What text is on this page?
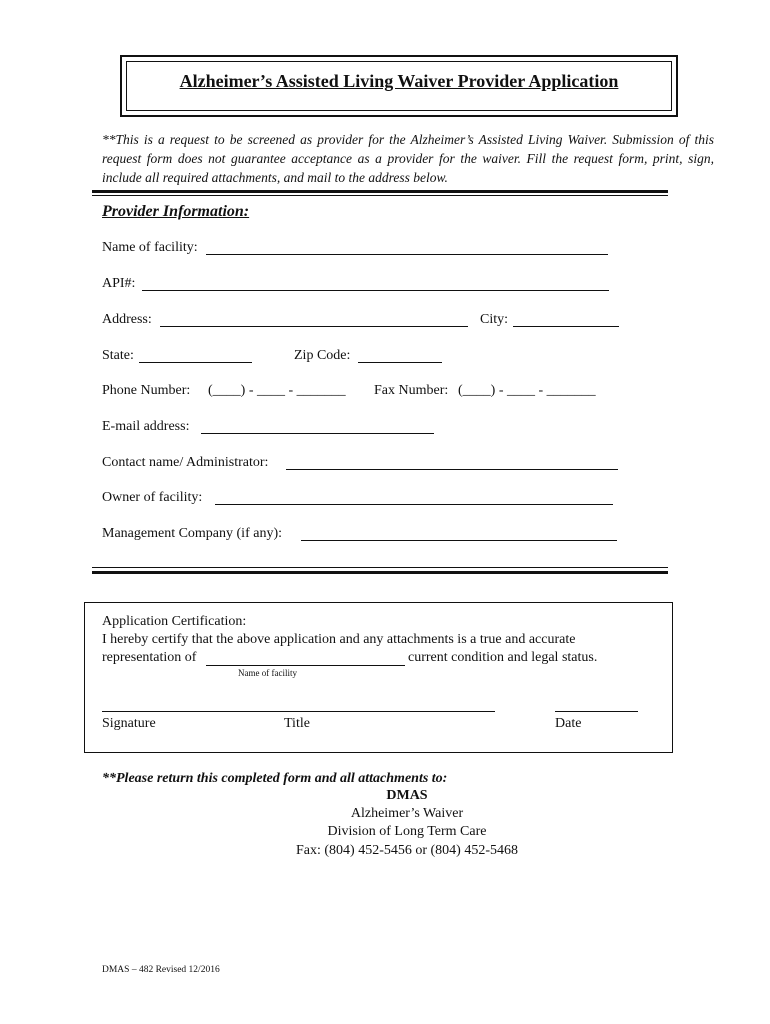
Alzheimer’s Assisted Living Waiver Provider Application
**This is a request to be screened as provider for the Alzheimer’s Assisted Living Waiver. Submission of this request form does not guarantee acceptance as a provider for the waiver. Fill the request form, print, sign, include all required attachments, and mail to the address below.
Provider Information:
Name of facility:
API#:
Address:	City:
State:	Zip Code:
Phone Number: (____) - ____ - _______ Fax Number: (____) - ____ - _______
E-mail address:
Contact name/ Administrator:
Owner of facility:
Management Company (if any):
Application Certification:
I hereby certify that the above application and any attachments is a true and accurate
representation of	current condition and legal status.
Name of facility
Signature	Title	Date
**Please return this completed form and all attachments to:
DMAS
Alzheimer’s Waiver
Division of Long Term Care
Fax: (804) 452-5456 or (804) 452-5468
DMAS – 482 Revised 12/2016
